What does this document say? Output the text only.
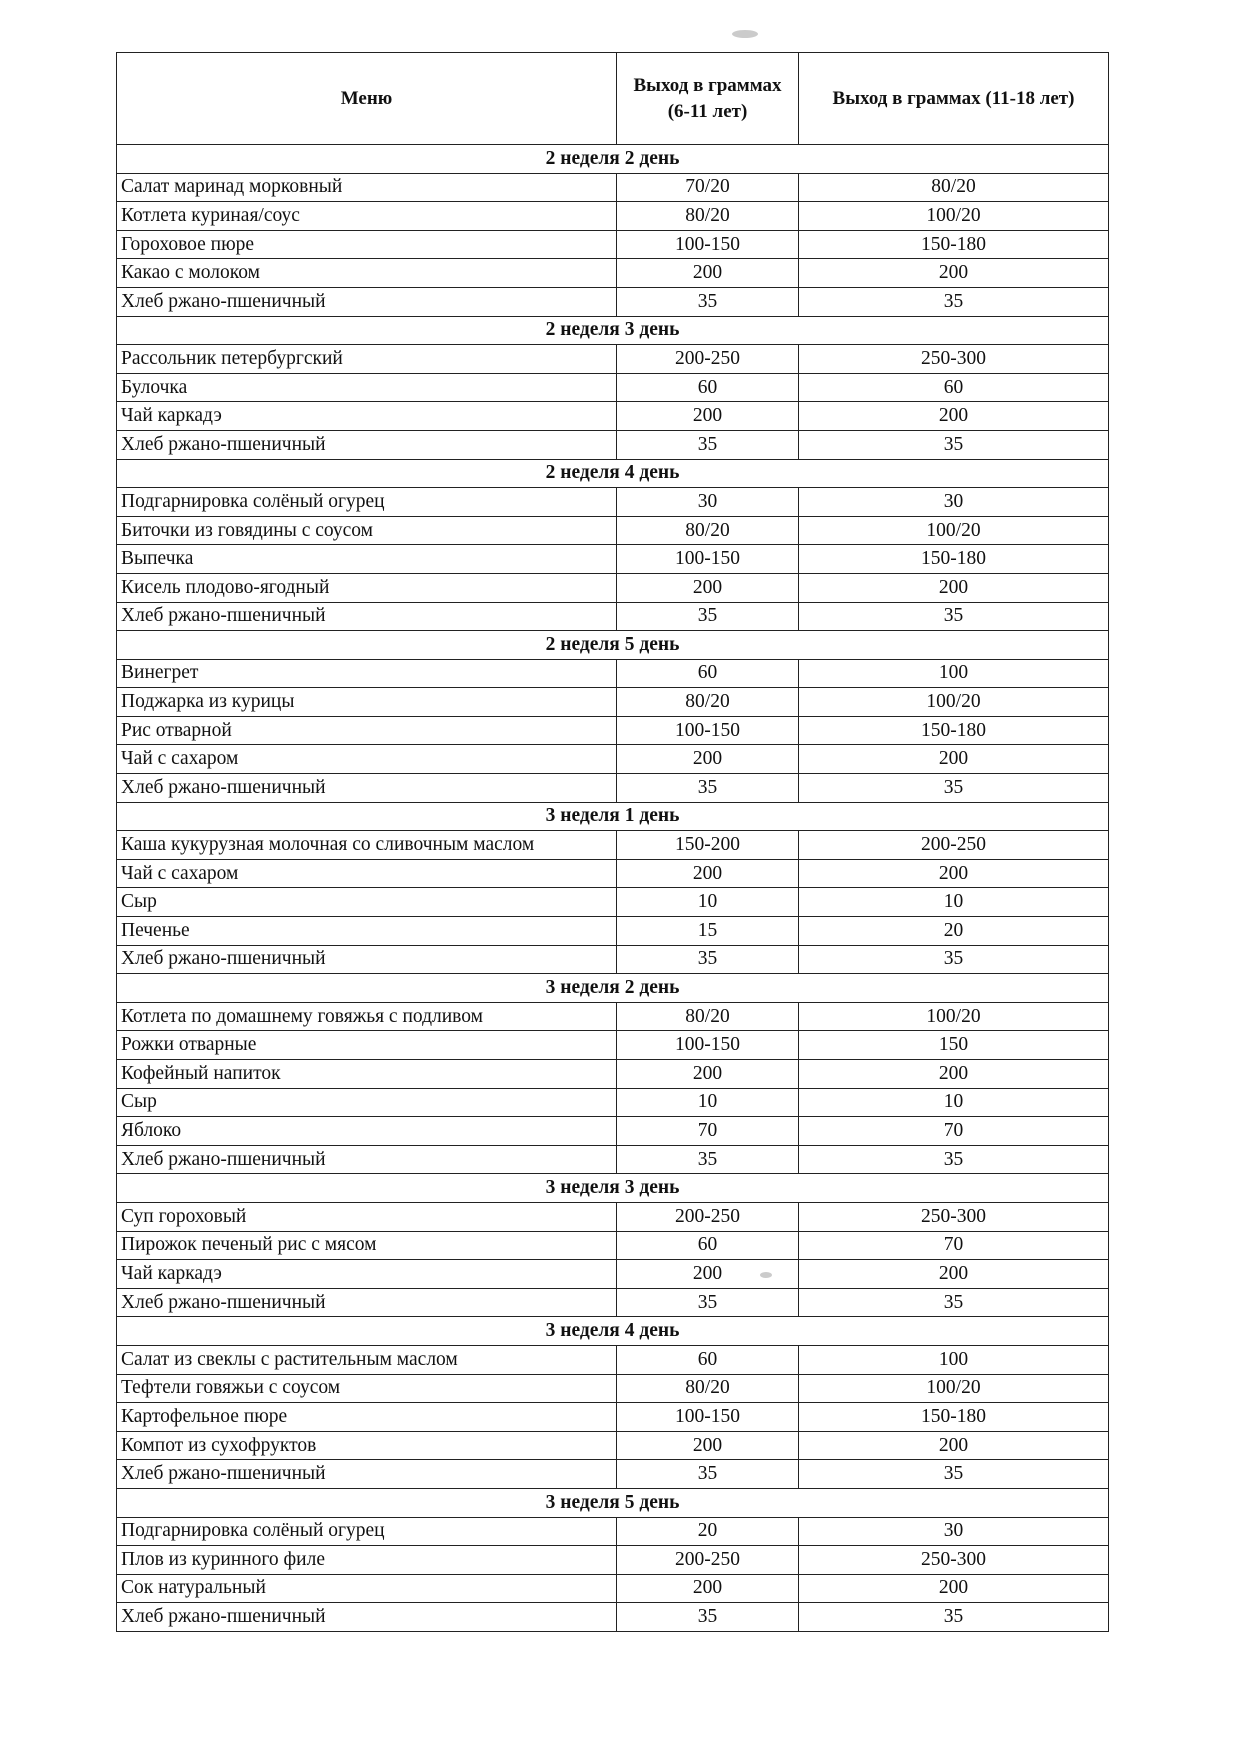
Меню	Выход в граммах (6-11 лет)	Выход в граммах (11-18 лет)
2 неделя 2 день		
Салат маринад морковный	70/20	80/20
Котлета куриная/соус	80/20	100/20
Гороховое пюре	100-150	150-180
Какао с молоком	200	200
Хлеб ржано-пшеничный	35	35
2 неделя 3 день		
Рассольник петербургский	200-250	250-300
Булочка	60	60
Чай каркадэ	200	200
Хлеб ржано-пшеничный	35	35
2 неделя 4 день		
Подгарнировка солёный огурец	30	30
Биточки из говядины с соусом	80/20	100/20
Выпечка	100-150	150-180
Кисель плодово-ягодный	200	200
Хлеб ржано-пшеничный	35	35
2 неделя 5 день		
Винегрет	60	100
Поджарка из курицы	80/20	100/20
Рис отварной	100-150	150-180
Чай с сахаром	200	200
Хлеб ржано-пшеничный	35	35
3 неделя 1 день		
Каша кукурузная молочная со сливочным маслом	150-200	200-250
Чай с сахаром	200	200
Сыр	10	10
Печенье	15	20
Хлеб ржано-пшеничный	35	35
3 неделя 2 день		
Котлета по домашнему говяжья с подливом	80/20	100/20
Рожки отварные	100-150	150
Кофейный напиток	200	200
Сыр	10	10
Яблоко	70	70
Хлеб ржано-пшеничный	35	35
3 неделя 3 день		
Суп гороховый	200-250	250-300
Пирожок печеный рис с мясом	60	70
Чай каркадэ	200	200
Хлеб ржано-пшеничный	35	35
3 неделя 4 день		
Салат из свеклы с растительным маслом	60	100
Тефтели говяжьи с соусом	80/20	100/20
Картофельное пюре	100-150	150-180
Компот из сухофруктов	200	200
Хлеб ржано-пшеничный	35	35
3 неделя 5 день		
Подгарнировка солёный огурец	20	30
Плов из куринного филе	200-250	250-300
Сок натуральный	200	200
Хлеб ржано-пшеничный	35	35
